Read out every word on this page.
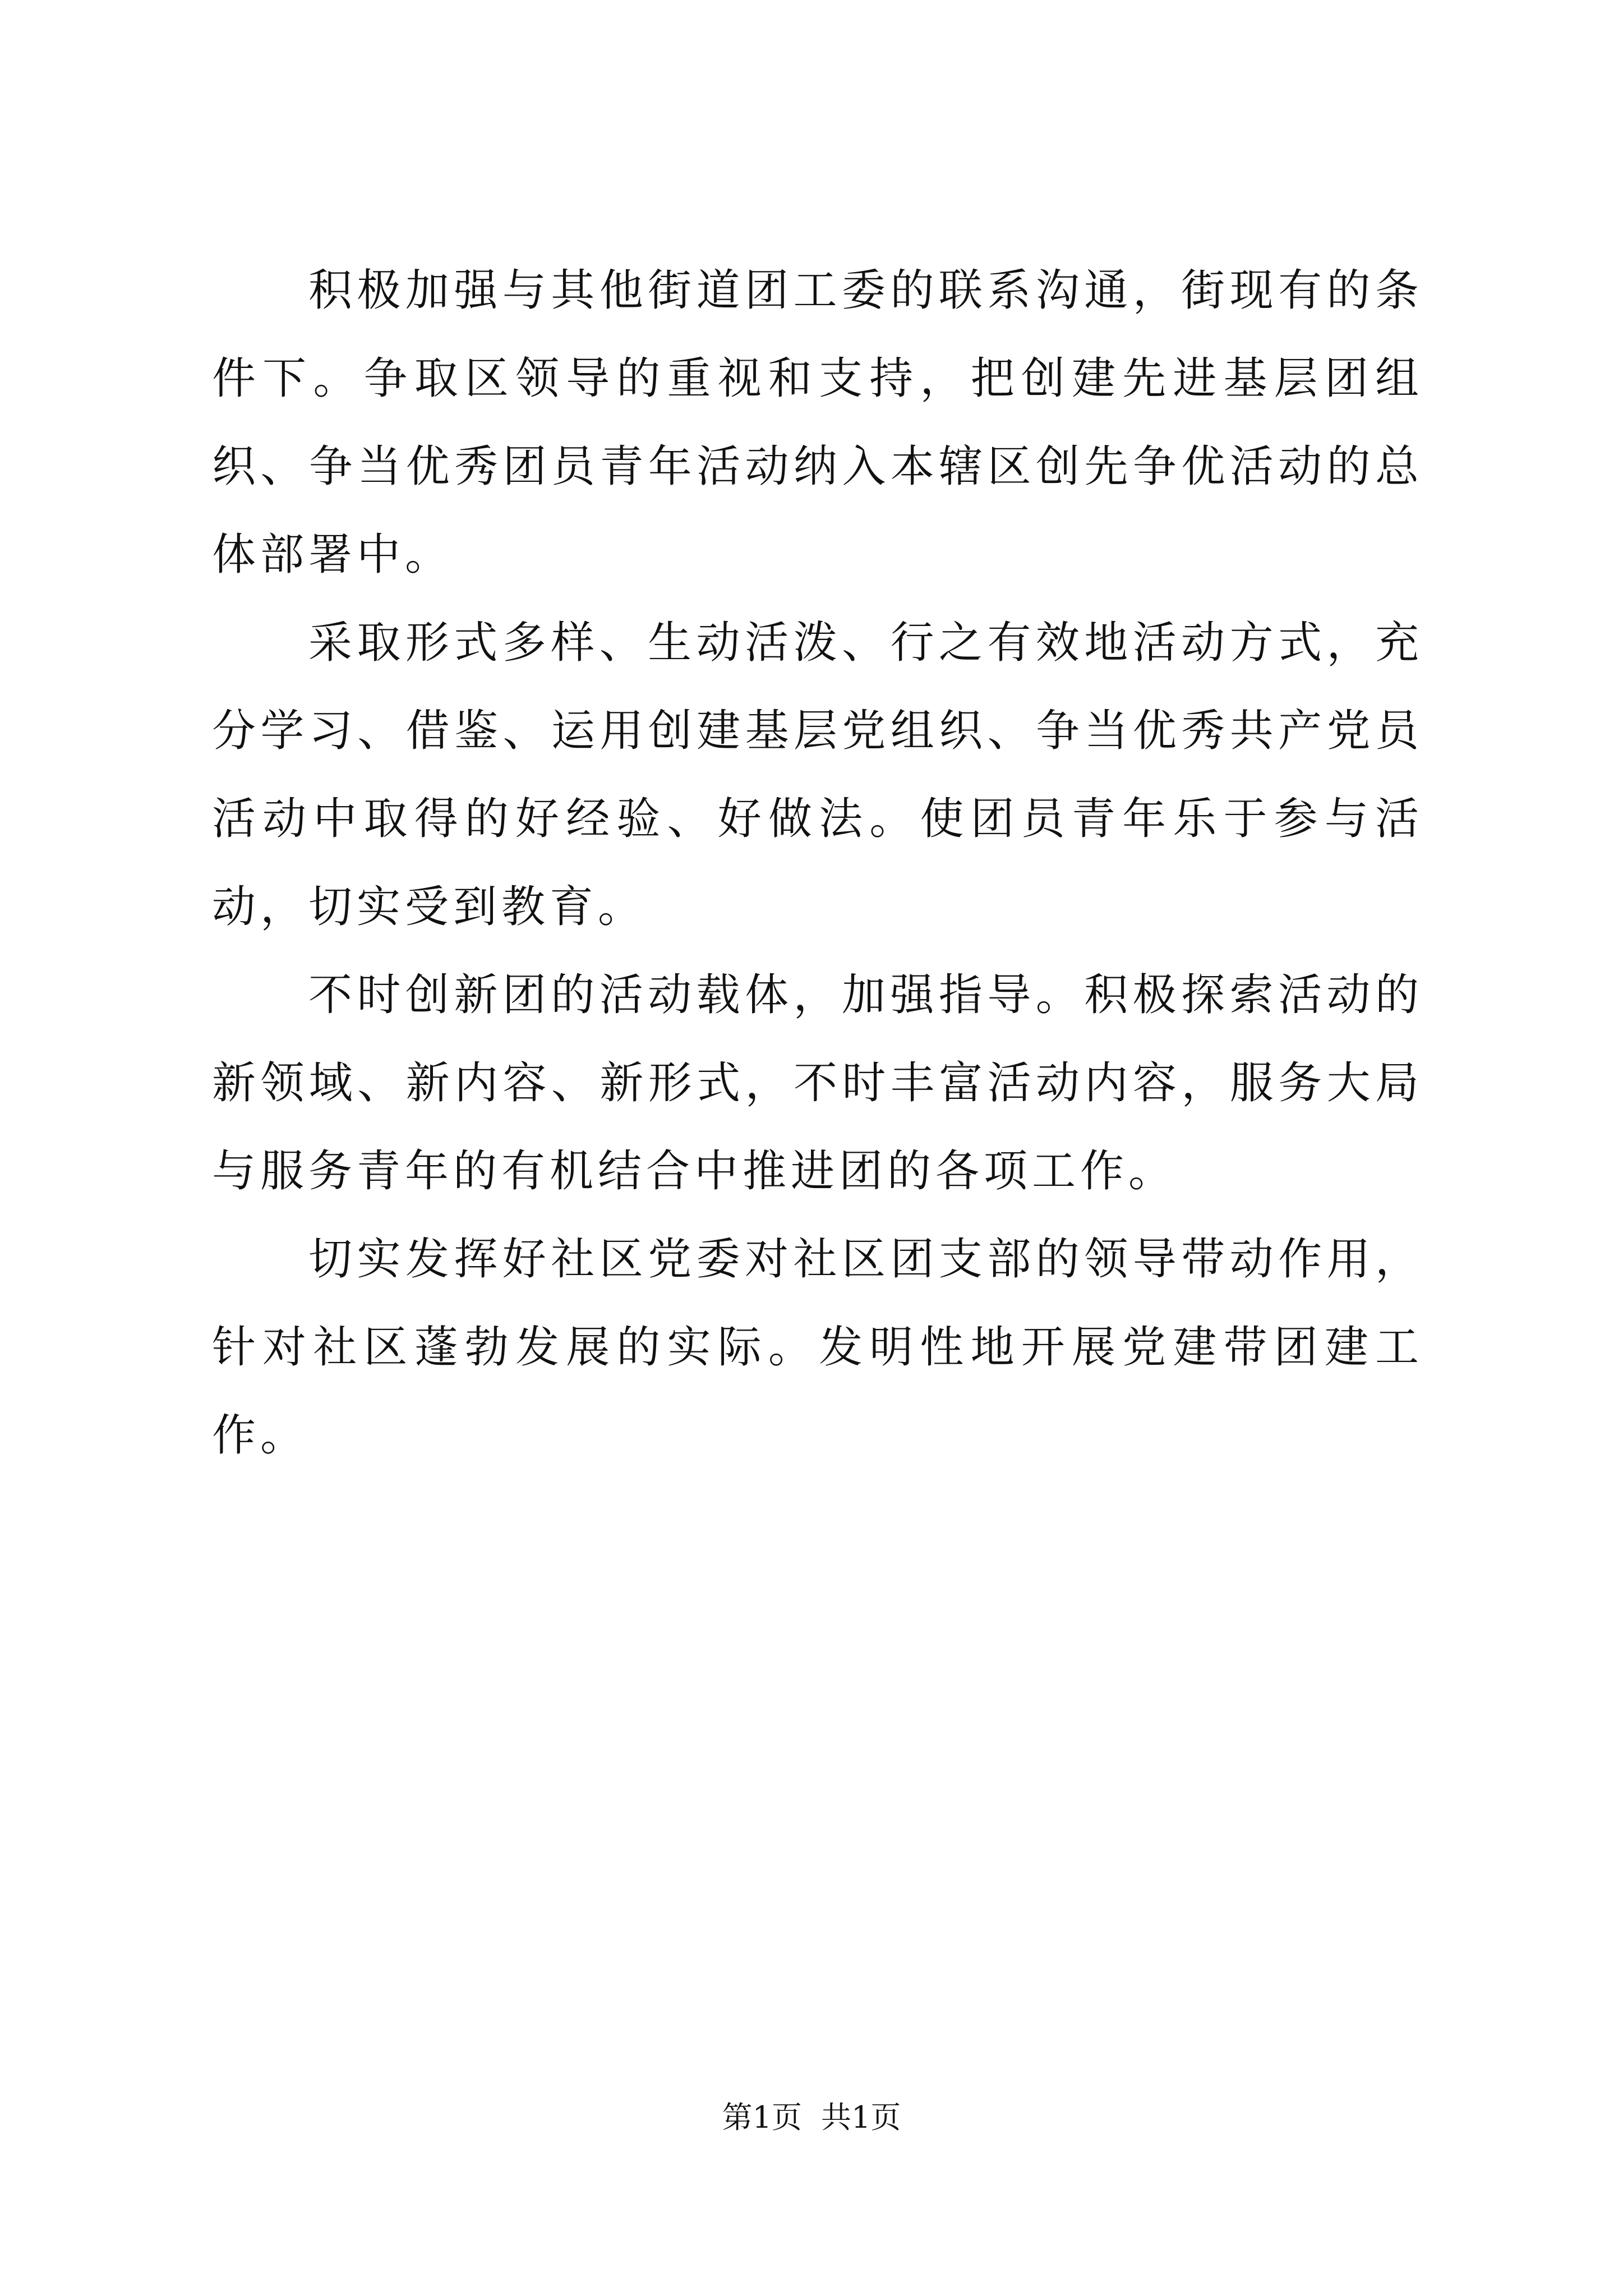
积极加强与其他街道团工委的联系沟通，街现有的条件下。争取区领导的重视和支持，把创建先进基层团组织、争当优秀团员青年活动纳入本辖区创先争优活动的总体部署中。

采取形式多样、生动活泼、行之有效地活动方式，充分学习、借鉴、运用创建基层党组织、争当优秀共产党员活动中取得的好经验、好做法。使团员青年乐于参与活动，切实受到教育。

不时创新团的活动载体，加强指导。积极探索活动的新领域、新内容、新形式，不时丰富活动内容，服务大局与服务青年的有机结合中推进团的各项工作。

切实发挥好社区党委对社区团支部的领导带动作用，针对社区蓬勃发展的实际。发明性地开展党建带团建工作。

第1页 共1页
